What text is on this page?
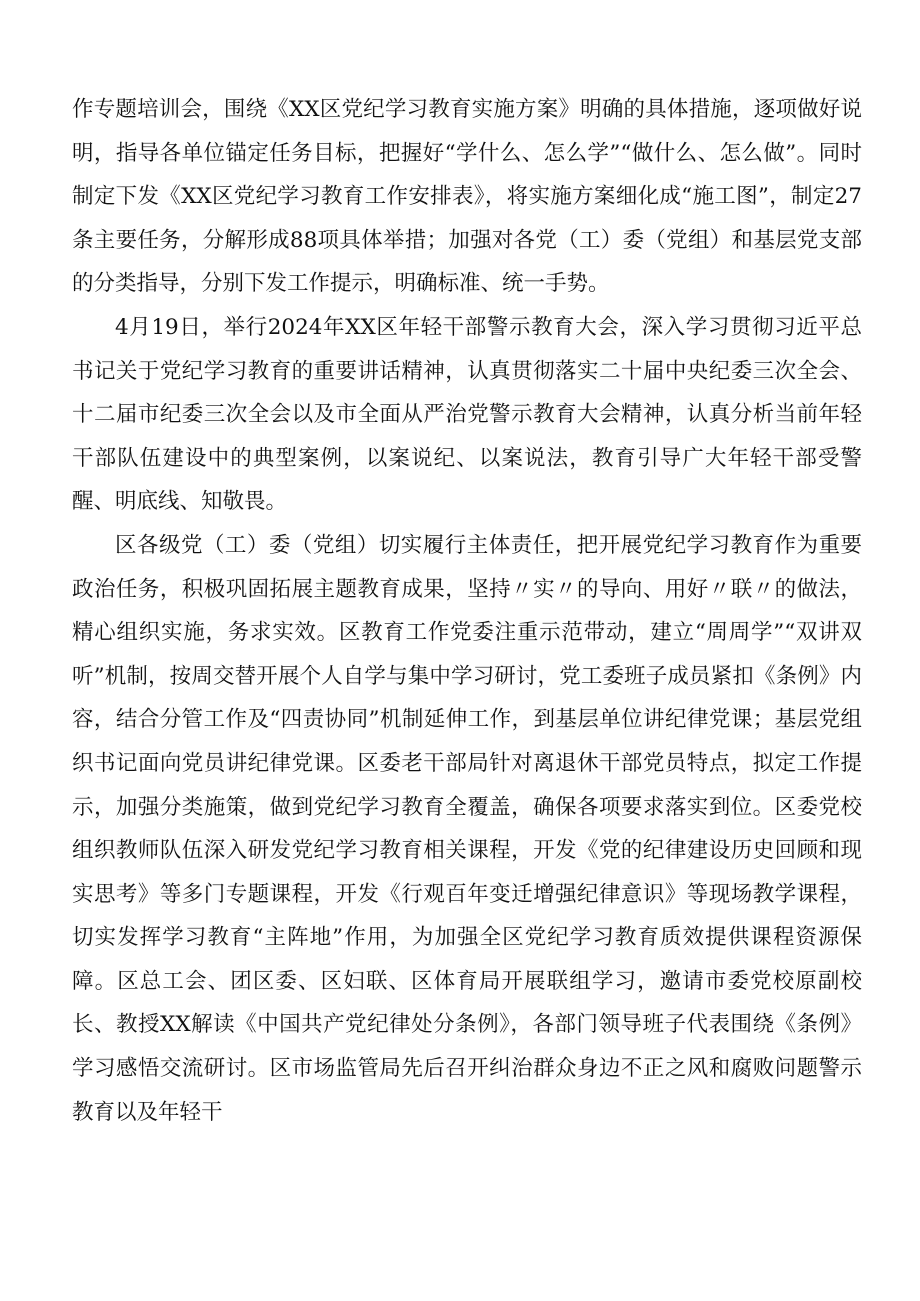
作专题培训会，围绕《XX区党纪学习教育实施方案》明确的具体措施，逐项做好说明，指导各单位锚定任务目标，把握好“学什么、怎么学”“做什么、怎么做”。同时制定下发《XX区党纪学习教育工作安排表》，将实施方案细化成“施工图”，制定27条主要任务，分解形成88项具体举措；加强对各党（工）委（党组）和基层党支部的分类指导，分别下发工作提示，明确标准、统一手势。

4月19日，举行2024年XX区年轻干部警示教育大会，深入学习贯彻习近平总书记关于党纪学习教育的重要讲话精神，认真贯彻落实二十届中央纪委三次全会、十二届市纪委三次全会以及市全面从严治党警示教育大会精神，认真分析当前年轻干部队伍建设中的典型案例，以案说纪、以案说法，教育引导广大年轻干部受警醒、明底线、知敬畏。

区各级党（工）委（党组）切实履行主体责任，把开展党纪学习教育作为重要政治任务，积极巩固拓展主题教育成果，坚持〃实〃的导向、用好〃联〃的做法，精心组织实施，务求实效。区教育工作党委注重示范带动，建立“周周学”“双讲双听”机制，按周交替开展个人自学与集中学习研讨，党工委班子成员紧扣《条例》内容，结合分管工作及“四责协同”机制延伸工作，到基层单位讲纪律党课；基层党组织书记面向党员讲纪律党课。区委老干部局针对离退休干部党员特点，拟定工作提示，加强分类施策，做到党纪学习教育全覆盖，确保各项要求落实到位。区委党校组织教师队伍深入研发党纪学习教育相关课程，开发《党的纪律建设历史回顾和现实思考》等多门专题课程，开发《行观百年变迁增强纪律意识》等现场教学课程，切实发挥学习教育“主阵地”作用，为加强全区党纪学习教育质效提供课程资源保障。区总工会、团区委、区妇联、区体育局开展联组学习，邀请市委党校原副校长、教授XX解读《中国共产党纪律处分条例》，各部门领导班子代表围绕《条例》学习感悟交流研讨。区市场监管局先后召开纠治群众身边不正之风和腐败问题警示教育以及年轻干
